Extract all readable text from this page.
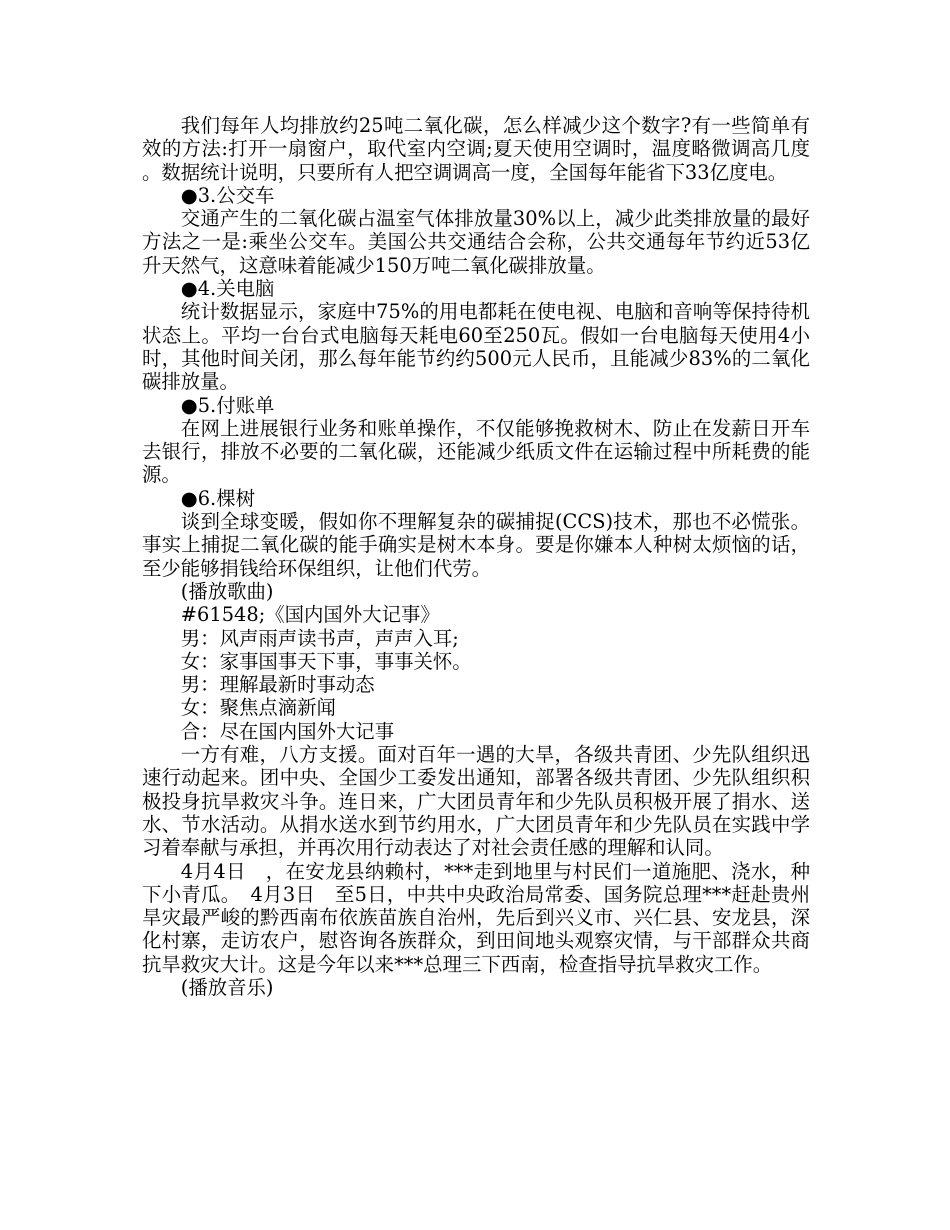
我们每年人均排放约25吨二氧化碳，怎么样减少这个数字?有一些简单有效的方法:打开一扇窗户，取代室内空调;夏天使用空调时，温度略微调高几度。数据统计说明，只要所有人把空调调高一度，全国每年能省下33亿度电。

●3.公交车

交通产生的二氧化碳占温室气体排放量30%以上，减少此类排放量的最好方法之一是:乘坐公交车。美国公共交通结合会称，公共交通每年节约近53亿升天然气，这意味着能减少150万吨二氧化碳排放量。

●4.关电脑

统计数据显示，家庭中75%的用电都耗在使电视、电脑和音响等保持待机状态上。平均一台台式电脑每天耗电60至250瓦。假如一台电脑每天使用4小时，其他时间关闭，那么每年能节约约500元人民币，且能减少83%的二氧化碳排放量。

●5.付账单

在网上进展银行业务和账单操作，不仅能够挽救树木、防止在发薪日开车去银行，排放不必要的二氧化碳，还能减少纸质文件在运输过程中所耗费的能源。

●6.棵树

谈到全球变暖，假如你不理解复杂的碳捕捉(CCS)技术，那也不必慌张。事实上捕捉二氧化碳的能手确实是树木本身。要是你嫌本人种树太烦恼的话，至少能够捐钱给环保组织，让他们代劳。

(播放歌曲)
#61548;《国内国外大记事》
男：风声雨声读书声，声声入耳;
女：家事国事天下事，事事关怀。
男：理解最新时事动态
女：聚焦点滴新闻
合：尽在国内国外大记事

一方有难，八方支援。面对百年一遇的大旱，各级共青团、少先队组织迅速行动起来。团中央、全国少工委发出通知，部署各级共青团、少先队组织积极投身抗旱救灾斗争。连日来，广大团员青年和少先队员积极开展了捐水、送水、节水活动。从捐水送水到节约用水，广大团员青年和少先队员在实践中学习着奉献与承担，并再次用行动表达了对社会责任感的理解和认同。

4月4日　，在安龙县纳赖村，***走到地里与村民们一道施肥、浇水，种下小青瓜。　4月3日　至5日，中共中央政治局常委、国务院总理***赶赴贵州旱灾最严峻的黔西南布依族苗族自治州，先后到兴义市、兴仁县、安龙县，深化村寨，走访农户，慰咨询各族群众，到田间地头观察灾情，与干部群众共商抗旱救灾大计。这是今年以来***总理三下西南，检查指导抗旱救灾工作。

(播放音乐)
